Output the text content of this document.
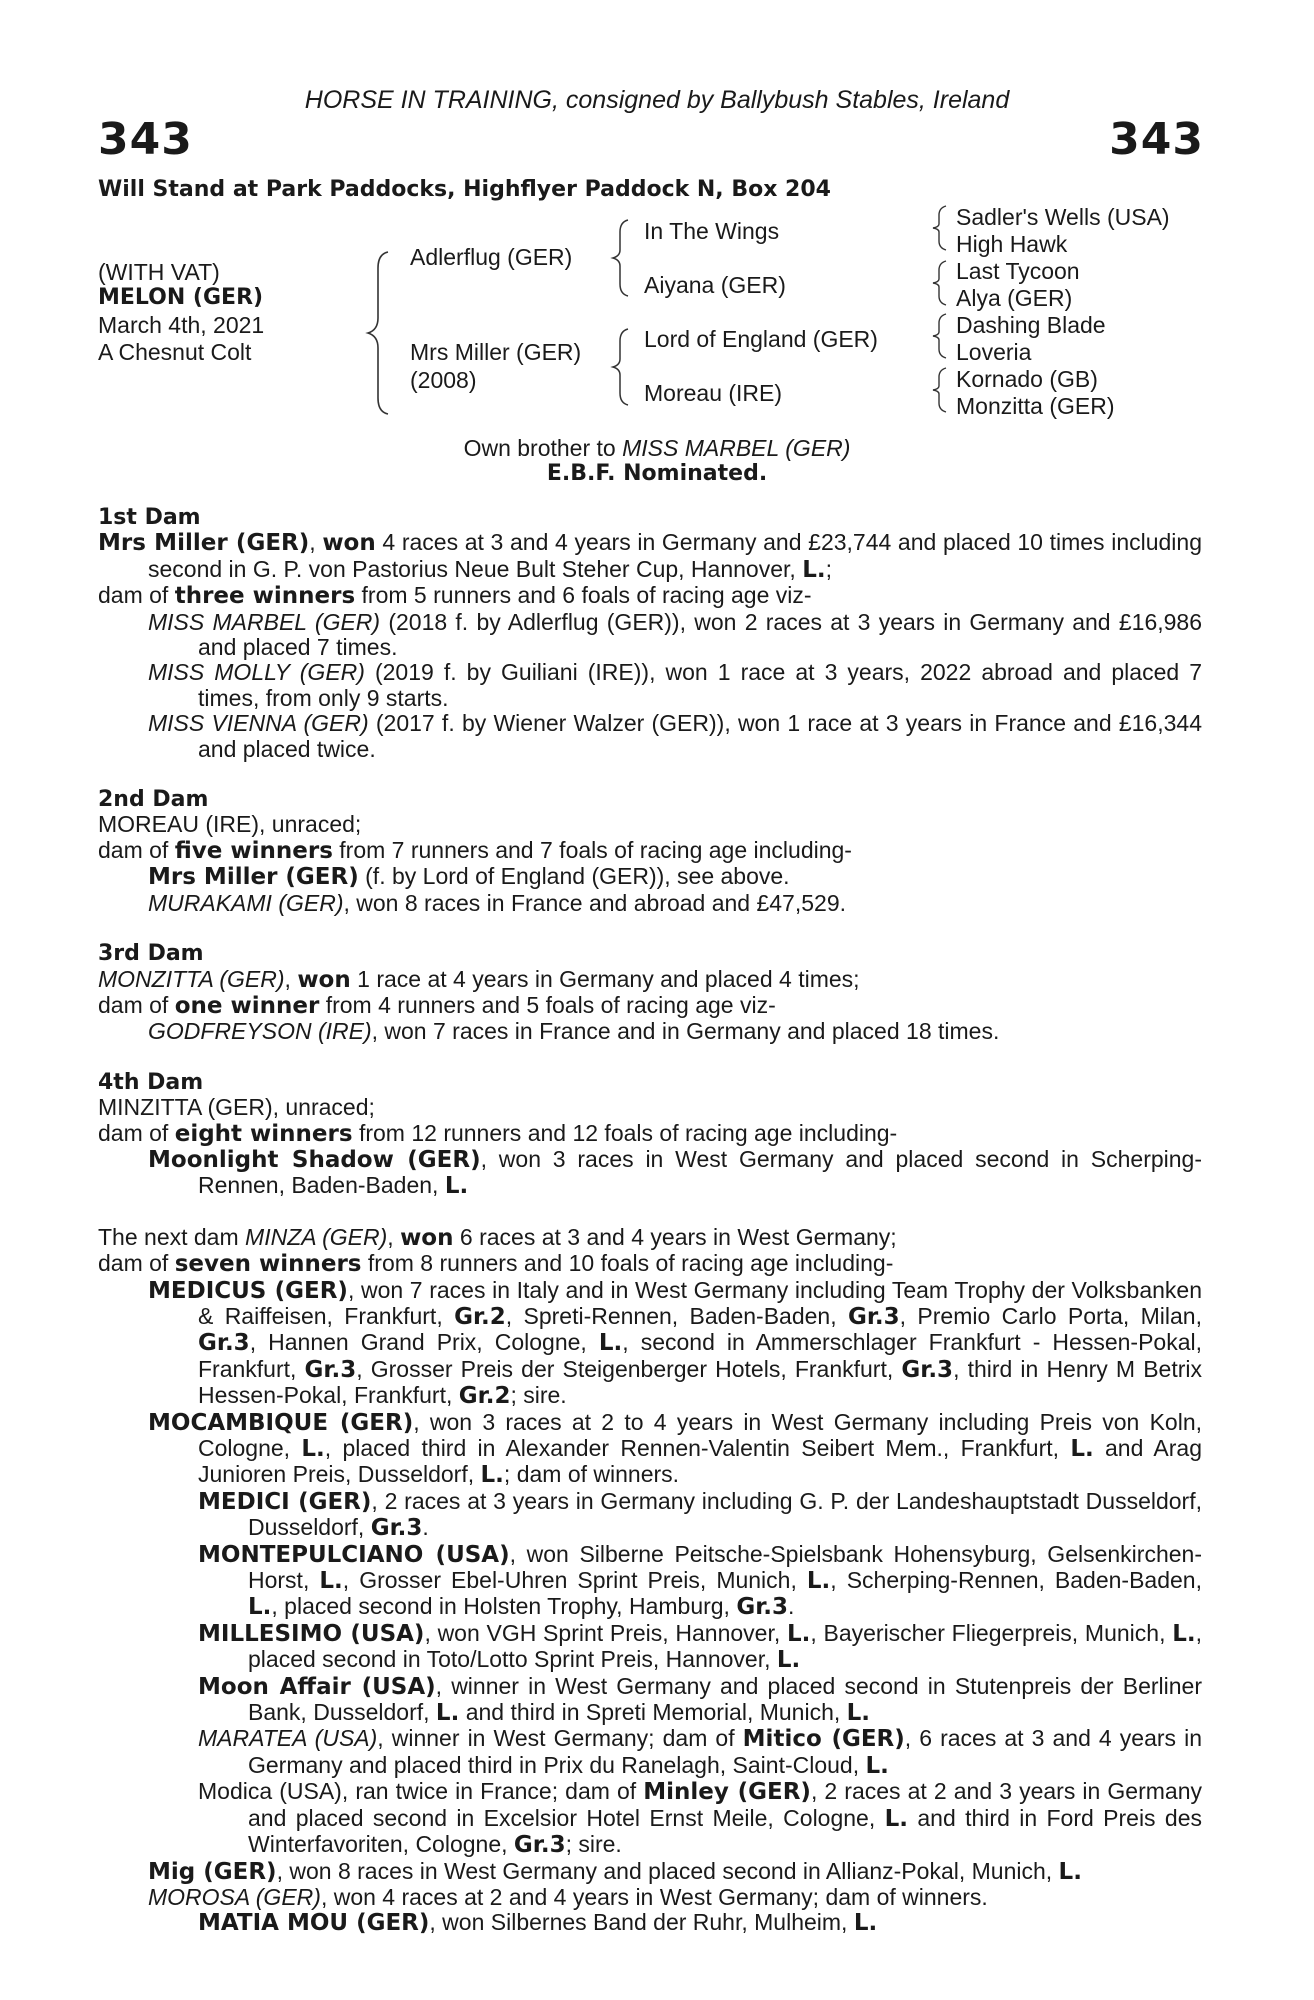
HORSE IN TRAINING, consigned by Ballybush Stables, Ireland
343	343
Will Stand at Park Paddocks, Highflyer Paddock N, Box 204
(WITH VAT)
MELON (GER)
March 4th, 2021
A Chesnut Colt
Adlerflug (GER)
Mrs Miller (GER)
(2008)
In The Wings
Aiyana (GER)
Lord of England (GER)
Moreau (IRE)
Sadler's Wells (USA)
High Hawk
Last Tycoon
Alya (GER)
Dashing Blade
Loveria
Kornado (GB)
Monzitta (GER)
Own brother to MISS MARBEL (GER)
E.B.F. Nominated.
1st Dam
Mrs Miller (GER), won 4 races at 3 and 4 years in Germany and £23,744 and placed 10 times including second in G. P. von Pastorius Neue Bult Steher Cup, Hannover, L.;
dam of three winners from 5 runners and 6 foals of racing age viz-
MISS MARBEL (GER) (2018 f. by Adlerflug (GER)), won 2 races at 3 years in Germany and £16,986 and placed 7 times.
MISS MOLLY (GER) (2019 f. by Guiliani (IRE)), won 1 race at 3 years, 2022 abroad and placed 7 times, from only 9 starts.
MISS VIENNA (GER) (2017 f. by Wiener Walzer (GER)), won 1 race at 3 years in France and £16,344 and placed twice.
2nd Dam
MOREAU (IRE), unraced;
dam of five winners from 7 runners and 7 foals of racing age including-
Mrs Miller (GER) (f. by Lord of England (GER)), see above.
MURAKAMI (GER), won 8 races in France and abroad and £47,529.
3rd Dam
MONZITTA (GER), won 1 race at 4 years in Germany and placed 4 times;
dam of one winner from 4 runners and 5 foals of racing age viz-
GODFREYSON (IRE), won 7 races in France and in Germany and placed 18 times.
4th Dam
MINZITTA (GER), unraced;
dam of eight winners from 12 runners and 12 foals of racing age including-
Moonlight Shadow (GER), won 3 races in West Germany and placed second in Scherping-Rennen, Baden-Baden, L.
The next dam MINZA (GER), won 6 races at 3 and 4 years in West Germany;
dam of seven winners from 8 runners and 10 foals of racing age including-
MEDICUS (GER), won 7 races in Italy and in West Germany including Team Trophy der Volksbanken & Raiffeisen, Frankfurt, Gr.2, Spreti-Rennen, Baden-Baden, Gr.3, Premio Carlo Porta, Milan, Gr.3, Hannen Grand Prix, Cologne, L., second in Ammerschlager Frankfurt - Hessen-Pokal, Frankfurt, Gr.3, Grosser Preis der Steigenberger Hotels, Frankfurt, Gr.3, third in Henry M Betrix Hessen-Pokal, Frankfurt, Gr.2; sire.
MOCAMBIQUE (GER), won 3 races at 2 to 4 years in West Germany including Preis von Koln, Cologne, L., placed third in Alexander Rennen-Valentin Seibert Mem., Frankfurt, L. and Arag Junioren Preis, Dusseldorf, L.; dam of winners.
MEDICI (GER), 2 races at 3 years in Germany including G. P. der Landeshauptstadt Dusseldorf, Dusseldorf, Gr.3.
MONTEPULCIANO (USA), won Silberne Peitsche-Spielsbank Hohensyburg, Gelsenkirchen-Horst, L., Grosser Ebel-Uhren Sprint Preis, Munich, L., Scherping-Rennen, Baden-Baden, L., placed second in Holsten Trophy, Hamburg, Gr.3.
MILLESIMO (USA), won VGH Sprint Preis, Hannover, L., Bayerischer Fliegerpreis, Munich, L., placed second in Toto/Lotto Sprint Preis, Hannover, L.
Moon Affair (USA), winner in West Germany and placed second in Stutenpreis der Berliner Bank, Dusseldorf, L. and third in Spreti Memorial, Munich, L.
MARATEA (USA), winner in West Germany; dam of Mitico (GER), 6 races at 3 and 4 years in Germany and placed third in Prix du Ranelagh, Saint-Cloud, L.
Modica (USA), ran twice in France; dam of Minley (GER), 2 races at 2 and 3 years in Germany and placed second in Excelsior Hotel Ernst Meile, Cologne, L. and third in Ford Preis des Winterfavoriten, Cologne, Gr.3; sire.
Mig (GER), won 8 races in West Germany and placed second in Allianz-Pokal, Munich, L.
MOROSA (GER), won 4 races at 2 and 4 years in West Germany; dam of winners.
MATIA MOU (GER), won Silbernes Band der Ruhr, Mulheim, L.
